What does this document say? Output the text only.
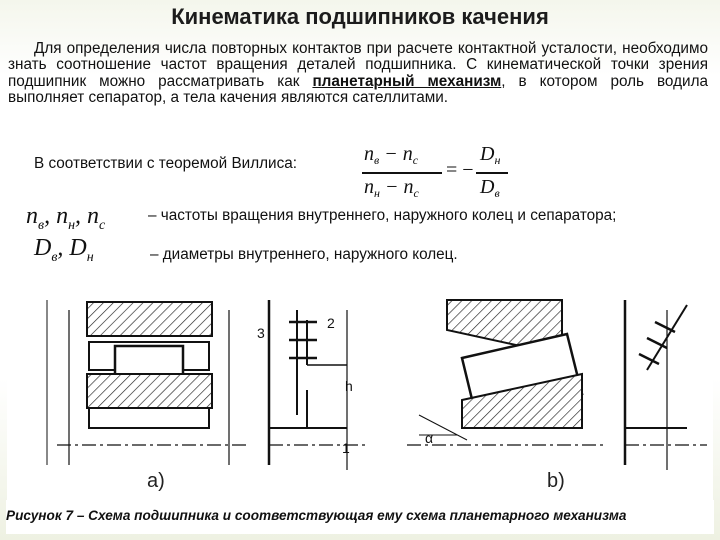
Кинематика подшипников качения
Для определения числа повторных контактов при расчете контактной усталости, необходимо знать соотношение частот вращения деталей подшипника. С кинематической точки зрения подшипник можно рассматривать как планетарный механизм, в котором роль водила выполняет сепаратор, а тела качения являются сателлитами.
В соответствии с теоремой Виллиса:	$n_в - n_с$
$n_н - n_с$
= −
$D_н$
$D_в$
$n_в$, $n_н$, $n_с$
– частоты вращения внутреннего, наружного колец и сепаратора;
$D_в$, $D_н$	– диаметры внутреннего, наружного колец.
a)	b)
3
2
1
h
α
Рисунок 7 – Схема подшипника и соответствующая ему схема планетарного механизма
